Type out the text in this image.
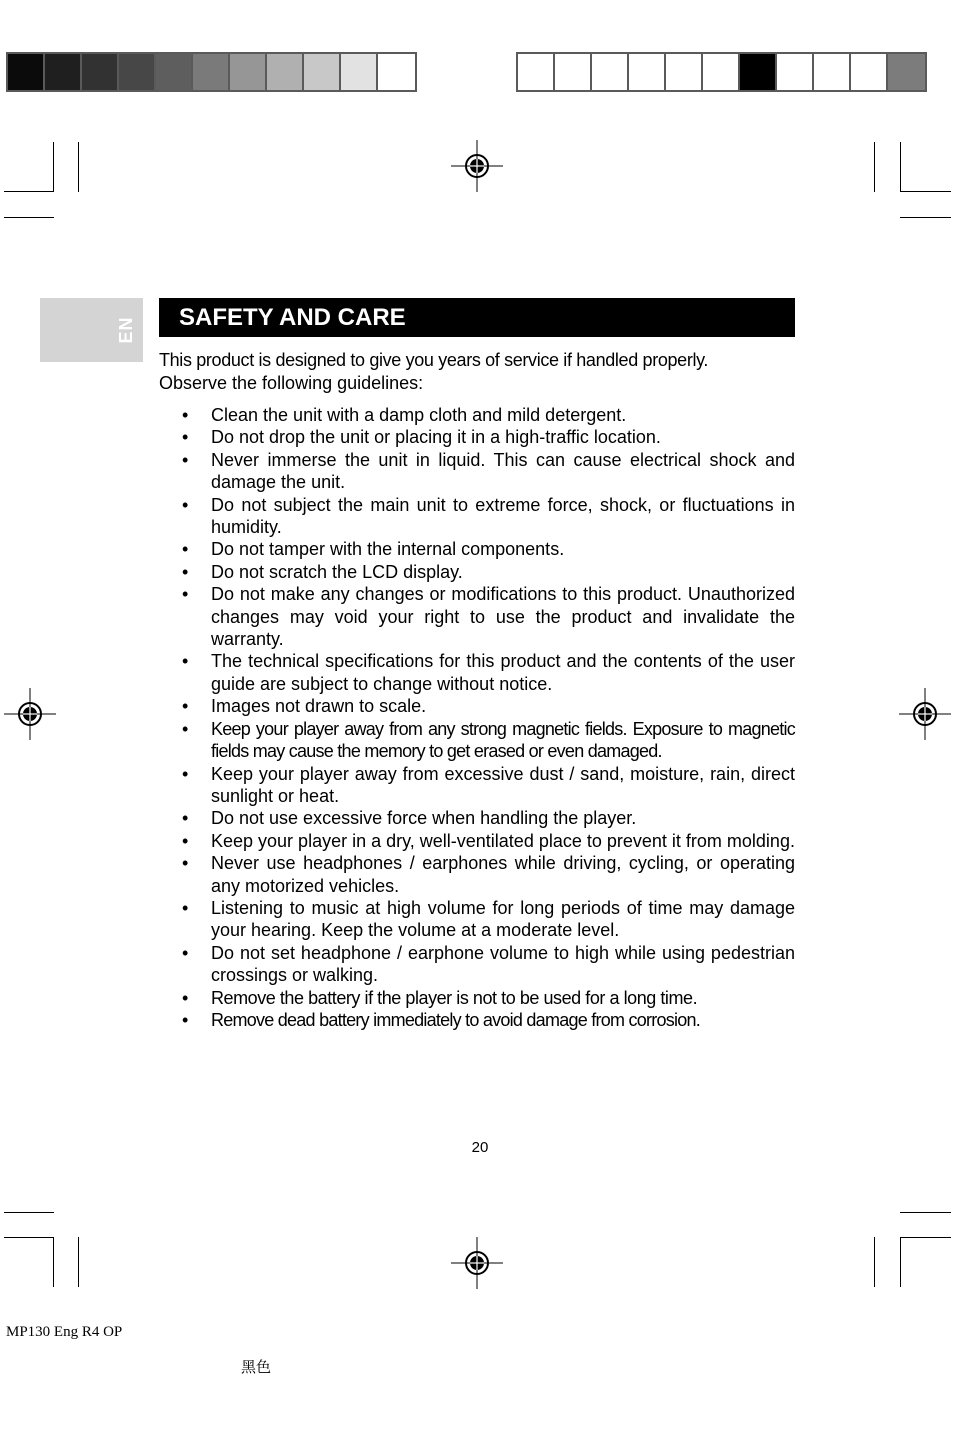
EN SAFETY AND CARE

This product is designed to give you years of service if handled properly.
Observe the following guidelines:

• Clean the unit with a damp cloth and mild detergent.
• Do not drop the unit or placing it in a high-traffic location.
• Never immerse the unit in liquid. This can cause electrical shock and damage the unit.
• Do not subject the main unit to extreme force, shock, or fluctuations in humidity.
• Do not tamper with the internal components.
• Do not scratch the LCD display.
• Do not make any changes or modifications to this product. Unauthorized changes may void your right to use the product and invalidate the warranty.
• The technical specifications for this product and the contents of the user guide are subject to change without notice.
• Images not drawn to scale.
• Keep your player away from any strong magnetic fields. Exposure to magnetic fields may cause the memory to get erased or even damaged.
• Keep your player away from excessive dust / sand, moisture, rain, direct sunlight or heat.
• Do not use excessive force when handling the player.
• Keep your player in a dry, well-ventilated place to prevent it from molding.
• Never use headphones / earphones while driving, cycling, or operating any motorized vehicles.
• Listening to music at high volume for long periods of time may damage your hearing. Keep the volume at a moderate level.
• Do not set headphone / earphone volume to high while using pedestrian crossings or walking.
• Remove the battery if the player is not to be used for a long time.
• Remove dead battery immediately to avoid damage from corrosion.
20
MP130 Eng R4 OP
黑色
